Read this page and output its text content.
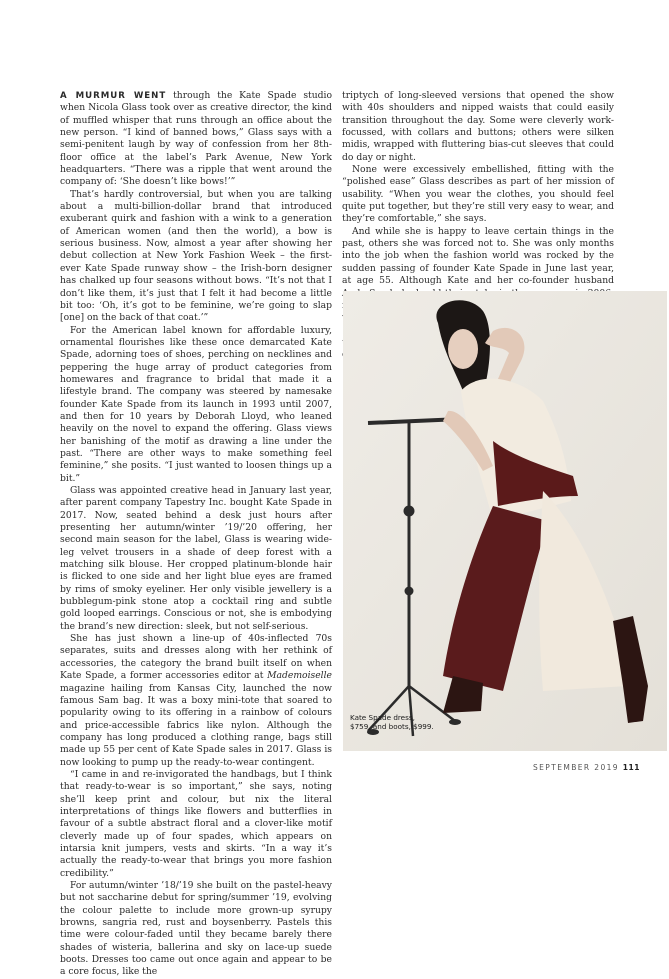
A MURMUR WENT through the Kate Spade studio when Nicola Glass took over as creative director, the kind of muffled whisper that runs through an office about the new person. “I kind of banned bows,” Glass says with a semi-penitent laugh by way of confession from her 8th-floor office at the label’s Park Avenue, New York headquarters. “There was a ripple that went around the company of: ‘She doesn’t like bows!’”

That’s hardly controversial, but when you are talking about a multi-billion-dollar brand that introduced exuberant quirk and fashion with a wink to a generation of American women (and then the world), a bow is serious business. Now, almost a year after showing her debut collection at New York Fashion Week – the first-ever Kate Spade runway show – the Irish-born designer has chalked up four seasons without bows. “It’s not that I don’t like them, it’s just that I felt it had become a little bit too: ‘Oh, it’s got to be feminine, we’re going to slap [one] on the back of that coat.’”

For the American label known for affordable luxury, ornamental flourishes like these once demarcated Kate Spade, adorning toes of shoes, perching on necklines and peppering the huge array of product categories from homewares and fragrance to bridal that made it a lifestyle brand. The company was steered by namesake founder Kate Spade from its launch in 1993 until 2007, and then for 10 years by Deborah Lloyd, who leaned heavily on the novel to expand the offering. Glass views her banishing of the motif as drawing a line under the past. “There are other ways to make something feel feminine,” she posits. “I just wanted to loosen things up a bit.”

Glass was appointed creative head in January last year, after parent company Tapestry Inc. bought Kate Spade in 2017. Now, seated behind a desk just hours after presenting her autumn/winter ’19/’20 offering, her second main season for the label, Glass is wearing wide-leg velvet trousers in a shade of deep forest with a matching silk blouse. Her cropped platinum-blonde hair is flicked to one side and her light blue eyes are framed by rims of smoky eyeliner. Her only visible jewellery is a bubblegum-pink stone atop a cocktail ring and subtle gold looped earrings. Conscious or not, she is embodying the brand’s new direction: sleek, but not self-serious.

She has just shown a line-up of 40s-inflected 70s separates, suits and dresses along with her rethink of accessories, the category the brand built itself on when Kate Spade, a former accessories editor at Mademoiselle magazine hailing from Kansas City, launched the now famous Sam bag. It was a boxy mini-tote that soared to popularity owing to its offering in a rainbow of colours and price-accessible fabrics like nylon. Although the company has long produced a clothing range, bags still made up 55 per cent of Kate Spade sales in 2017. Glass is now looking to pump up the ready-to-wear contingent.

“I came in and re-invigorated the handbags, but I think that ready-to-wear is so important,” she says, noting she’ll keep print and colour, but nix the literal interpretations of things like flowers and butterflies in favour of a subtle abstract floral and a clover-like motif cleverly made up of four spades, which appears on intarsia knit jumpers, vests and skirts. “In a way it’s actually the ready-to-wear that brings you more fashion credibility.”

For autumn/winter ’18/’19 she built on the pastel-heavy but not saccharine debut for spring/summer ’19, evolving the colour palette to include more grown-up syrupy browns, sangria red, rust and boysenberry. Pastels this time were colour-faded until they became barely there shades of wisteria, ballerina and sky on lace-up suede boots. Dresses too came out once again and appear to be a core focus, like the

triptych of long-sleeved versions that opened the show with 40s shoulders and nipped waists that could easily transition throughout the day. Some were cleverly work-focussed, with collars and buttons; others were silken midis, wrapped with fluttering bias-cut sleeves that could do day or night.

None were excessively embellished, fitting with the “polished ease” Glass describes as part of her mission of usability. “When you wear the clothes, you should feel quite put together, but they’re still very easy to wear, and they’re comfortable,” she says.

And while she is happy to leave certain things in the past, others she was forced not to. She was only months into the job when the fashion world was rocked by the sudden passing of founder Kate Spade in June last year, at age 55. Although Kate and her co-founder husband

Kate Spade dress,
$759, and boots, $999.
SEPTEMBER 2019 111
